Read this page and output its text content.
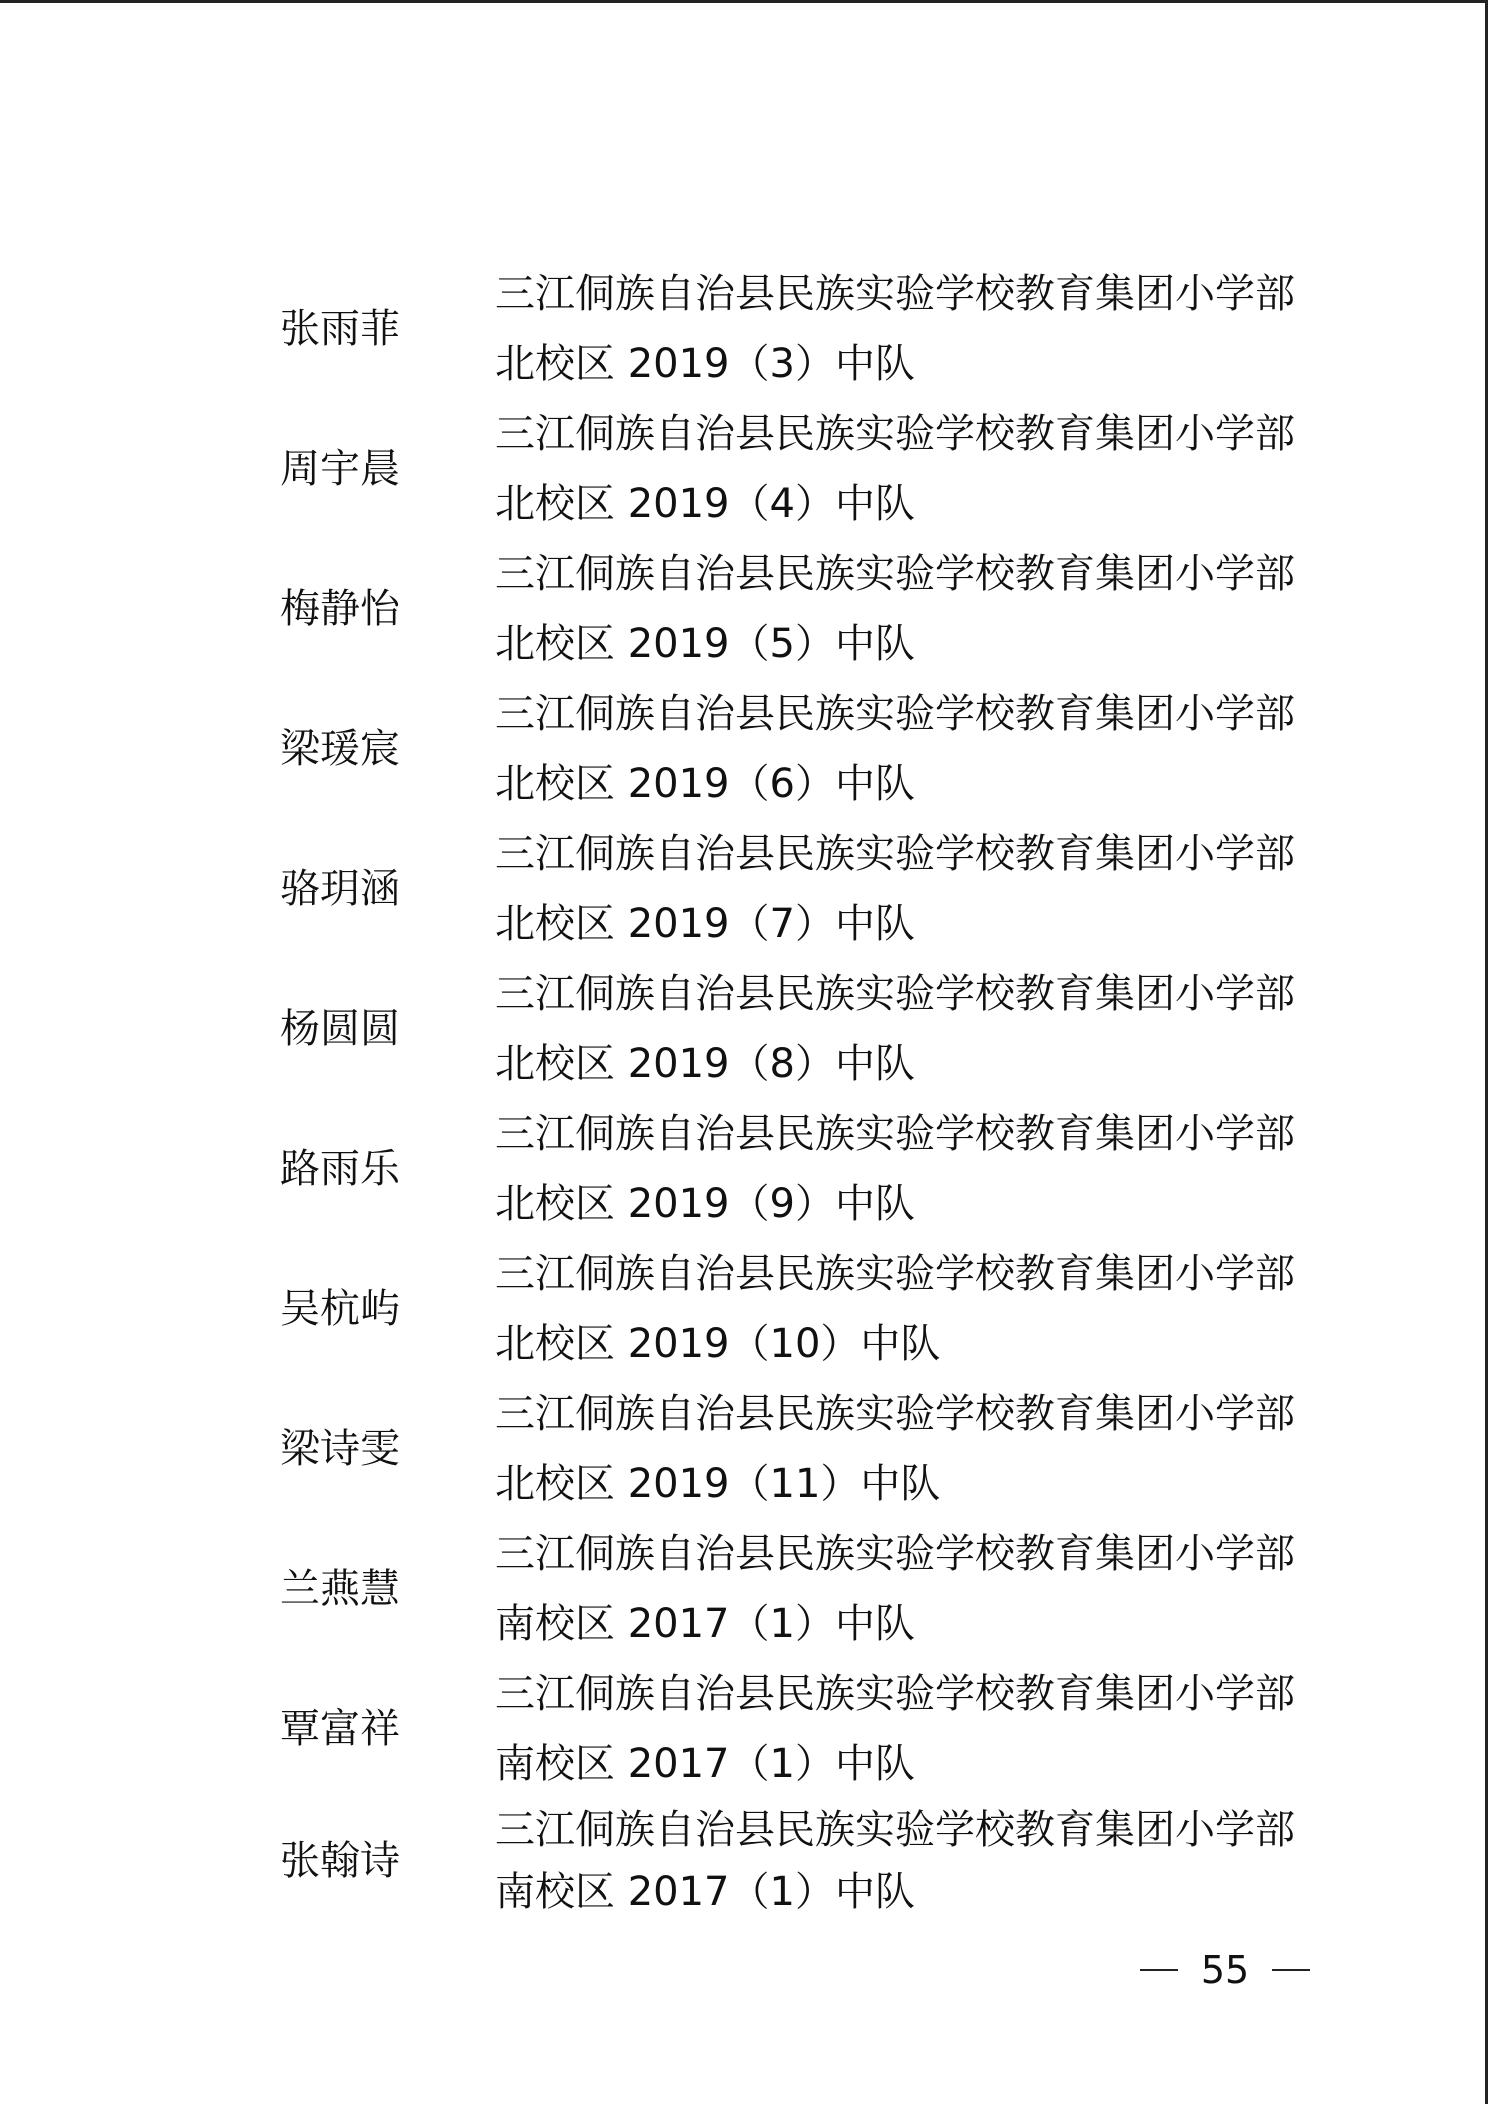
张雨菲
三江侗族自治县民族实验学校教育集团小学部
北校区 2019（3）中队
周宇晨
三江侗族自治县民族实验学校教育集团小学部
北校区 2019（4）中队
梅静怡
三江侗族自治县民族实验学校教育集团小学部
北校区 2019（5）中队
梁瑗宸
三江侗族自治县民族实验学校教育集团小学部
北校区 2019（6）中队
骆玥涵
三江侗族自治县民族实验学校教育集团小学部
北校区 2019（7）中队
杨圆圆
三江侗族自治县民族实验学校教育集团小学部
北校区 2019（8）中队
路雨乐
三江侗族自治县民族实验学校教育集团小学部
北校区 2019（9）中队
吴杭屿
三江侗族自治县民族实验学校教育集团小学部
北校区 2019（10）中队
梁诗雯
三江侗族自治县民族实验学校教育集团小学部
北校区 2019（11）中队
兰燕慧
三江侗族自治县民族实验学校教育集团小学部
南校区 2017（1）中队
覃富祥
三江侗族自治县民族实验学校教育集团小学部
南校区 2017（1）中队
张翰诗
三江侗族自治县民族实验学校教育集团小学部
南校区 2017（1）中队
55
